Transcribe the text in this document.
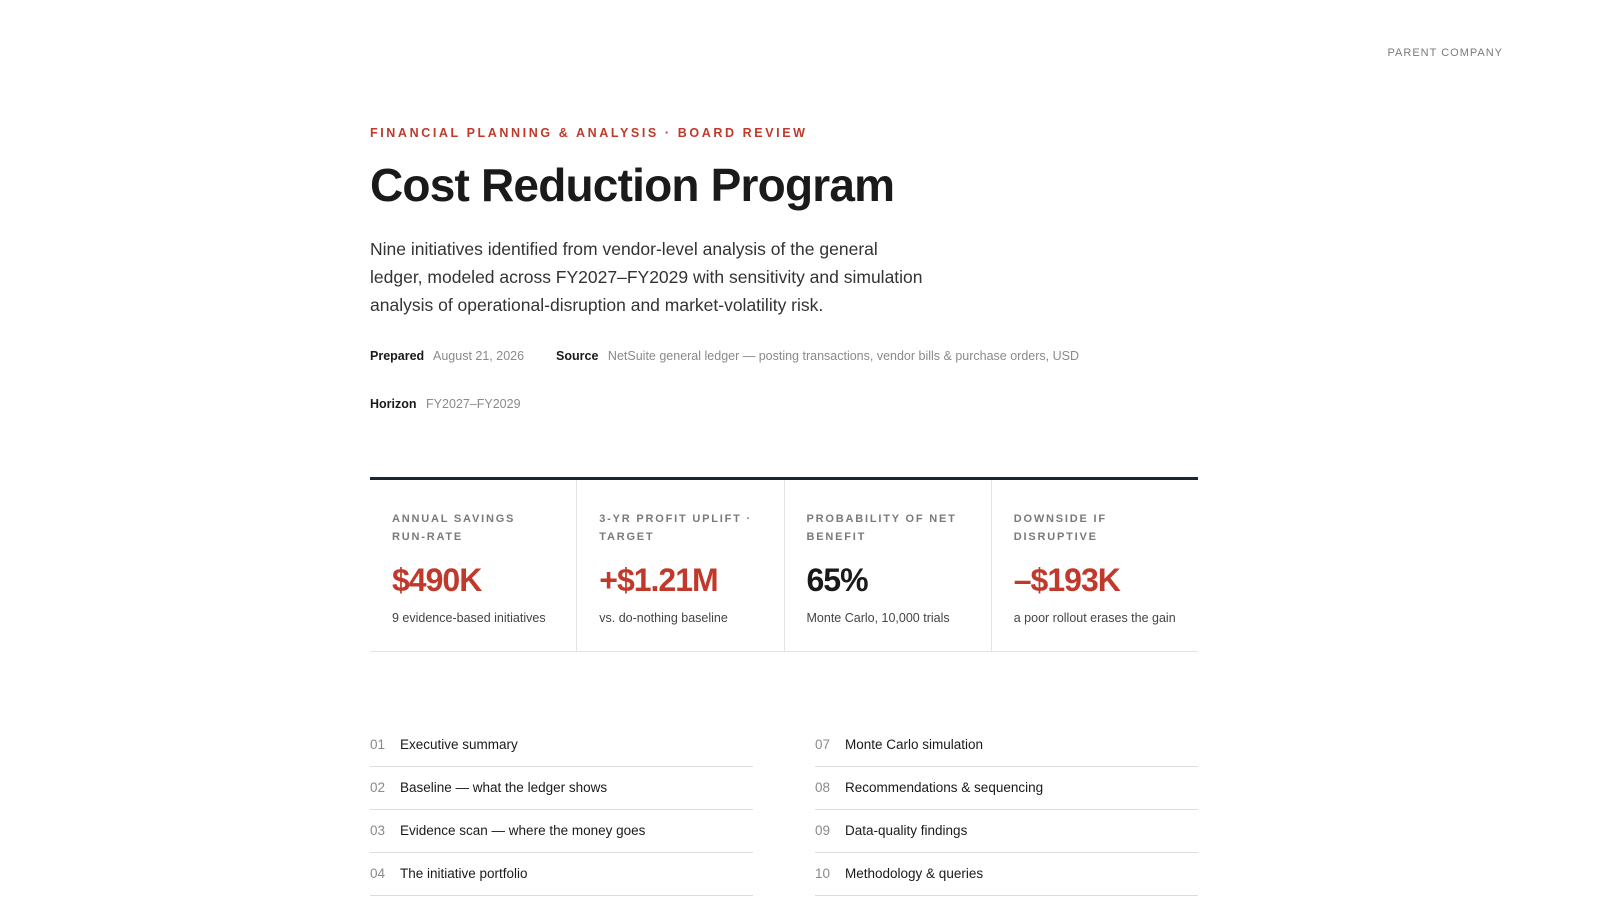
PARENT COMPANY
FINANCIAL PLANNING & ANALYSIS · BOARD REVIEW
Cost Reduction Program

Nine initiatives identified from vendor-level analysis of the general ledger, modeled across FY2027–FY2029 with sensitivity and simulation analysis of operational-disruption and market-volatility risk.

Prepared August 21, 2026	Source NetSuite general ledger — posting transactions, vendor bills & purchase orders, USD
Horizon FY2027–FY2029
ANNUAL SAVINGS RUN-RATE
$490K
9 evidence-based initiatives
3-YR PROFIT UPLIFT · TARGET
+$1.21M
vs. do-nothing baseline
PROBABILITY OF NET BENEFIT
65%
Monte Carlo, 10,000 trials
DOWNSIDE IF DISRUPTIVE
–$193K
a poor rollout erases the gain
01	Executive summary
02	Baseline — what the ledger shows
03	Evidence scan — where the money goes
04	The initiative portfolio
07	Monte Carlo simulation
08	Recommendations & sequencing
09	Data-quality findings
10	Methodology & queries
